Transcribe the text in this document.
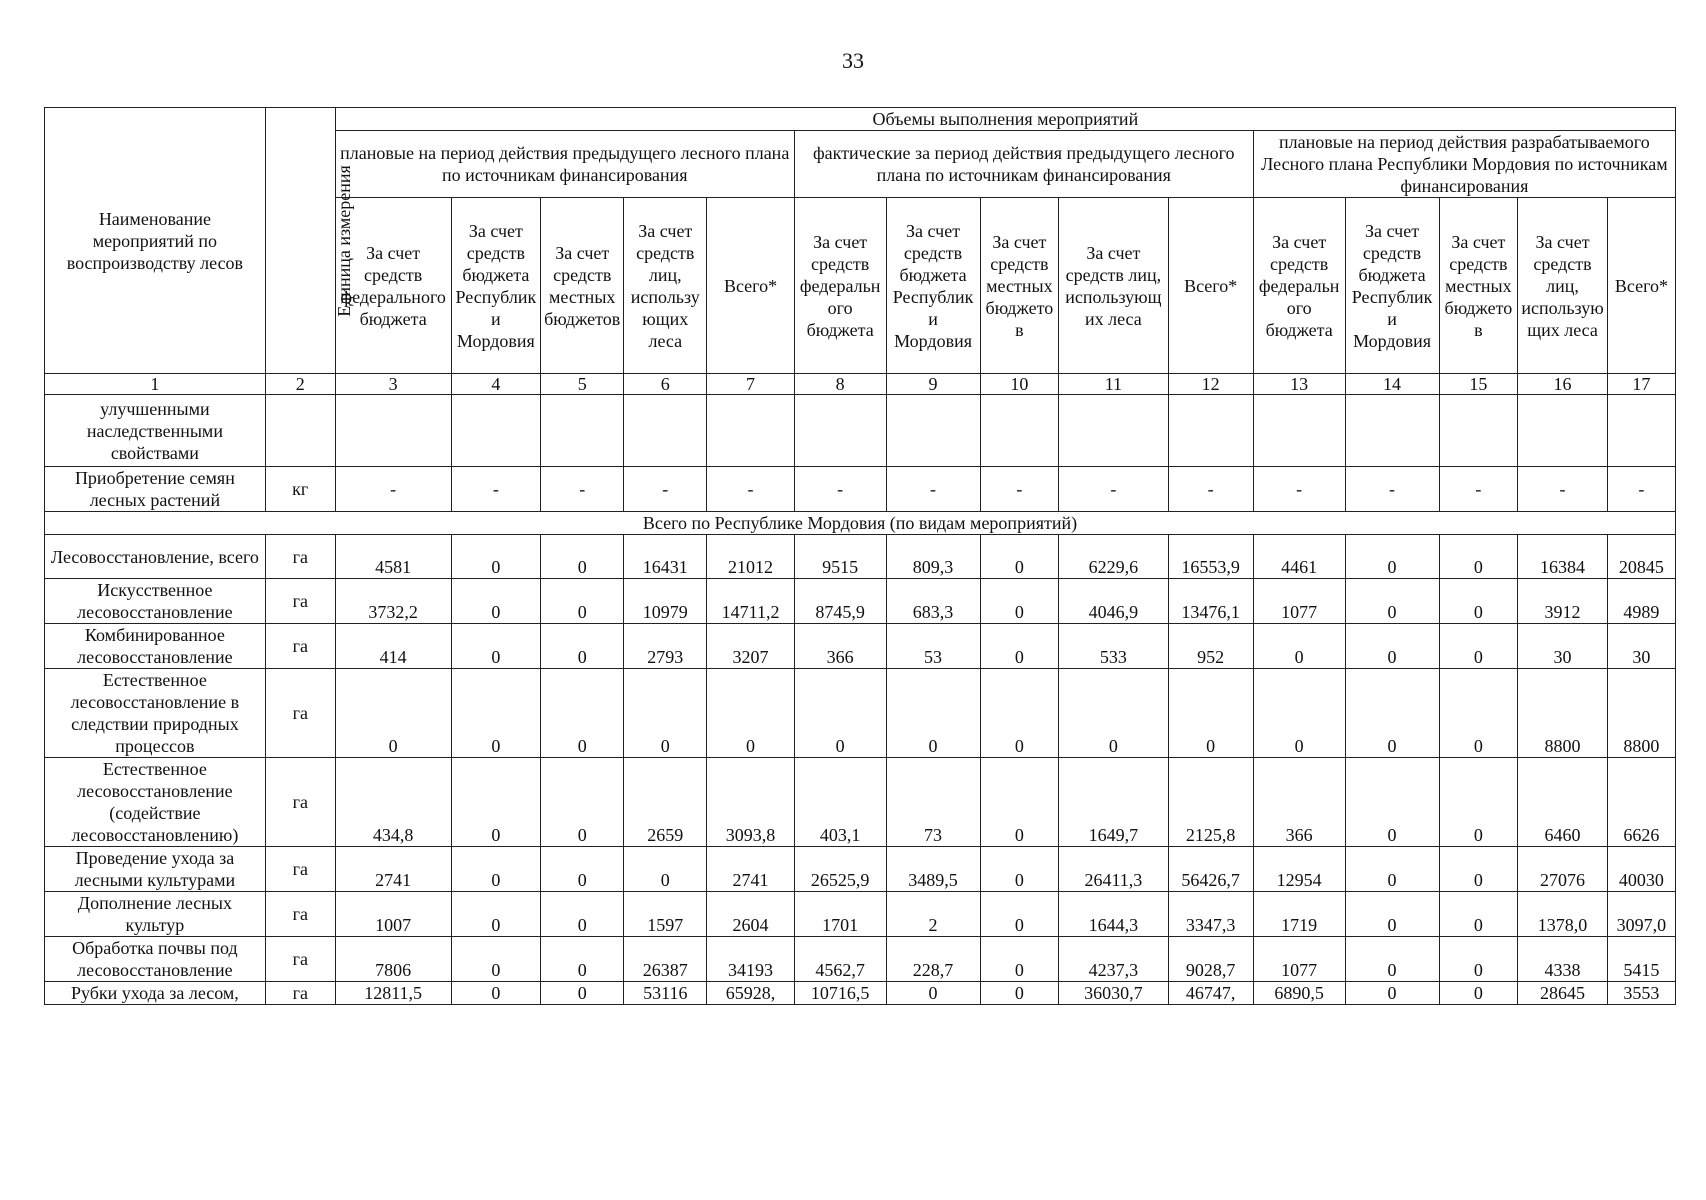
33
Наименование мероприятий по воспроизводству лесов	Единица измерения	Объемы выполнения мероприятий														
		плановые на период действия предыдущего лесного плана по источникам финансирования					фактические за период действия предыдущего лесного плана по источникам финансирования					плановые на период действия разрабатываемого Лесного плана Республики Мордовия по источникам финансирования				
		За счет средств федерального бюджета	За счет средств бюджета Республики Мордовия	За счет средств местных бюджетов	За счет средств лиц, использующих леса	Всего*	За счет средств федерального бюджета	За счет средств бюджета Республики Мордовия	За счет средств местных бюджетов	За счет средств лиц, использующих леса	Всего*	За счет средств федерального бюджета	За счет средств бюджета Республики Мордовия	За счет средств местных бюджетов	За счет средств лиц, использующих леса	Всего*
1	2	3	4	5	6	7	8	9	10	11	12	13	14	15	16	17
улучшенными наследственными свойствами																
Приобретение семян лесных растений	кг	-	-	-	-	-	-	-	-	-	-	-	-	-	-	-
Всего по Республике Мордовия (по видам мероприятий)																
Лесовосстановление, всего	га	4581	0	0	16431	21012	9515	809,3	0	6229,6	16553,9	4461	0	0	16384	20845
Искусственное лесовосстановление	га	3732,2	0	0	10979	14711,2	8745,9	683,3	0	4046,9	13476,1	1077	0	0	3912	4989
Комбинированное лесовосстановление	га	414	0	0	2793	3207	366	53	0	533	952	0	0	0	30	30
Естественное лесовосстановление в следствии природных процессов	га	0	0	0	0	0	0	0	0	0	0	0	0	0	8800	8800
Естественное лесовосстановление (содействие лесовосстановлению)	га	434,8	0	0	2659	3093,8	403,1	73	0	1649,7	2125,8	366	0	0	6460	6626
Проведение ухода за лесными культурами	га	2741	0	0	0	2741	26525,9	3489,5	0	26411,3	56426,7	12954	0	0	27076	40030
Дополнение лесных культур	га	1007	0	0	1597	2604	1701	2	0	1644,3	3347,3	1719	0	0	1378,0	3097,0
Обработка почвы под лесовосстановление	га	7806	0	0	26387	34193	4562,7	228,7	0	4237,3	9028,7	1077	0	0	4338	5415
Рубки ухода за лесом,	га	12811,5	0	0	53116	65928,	10716,5	0	0	36030,7	46747,	6890,5	0	0	28645	3553
